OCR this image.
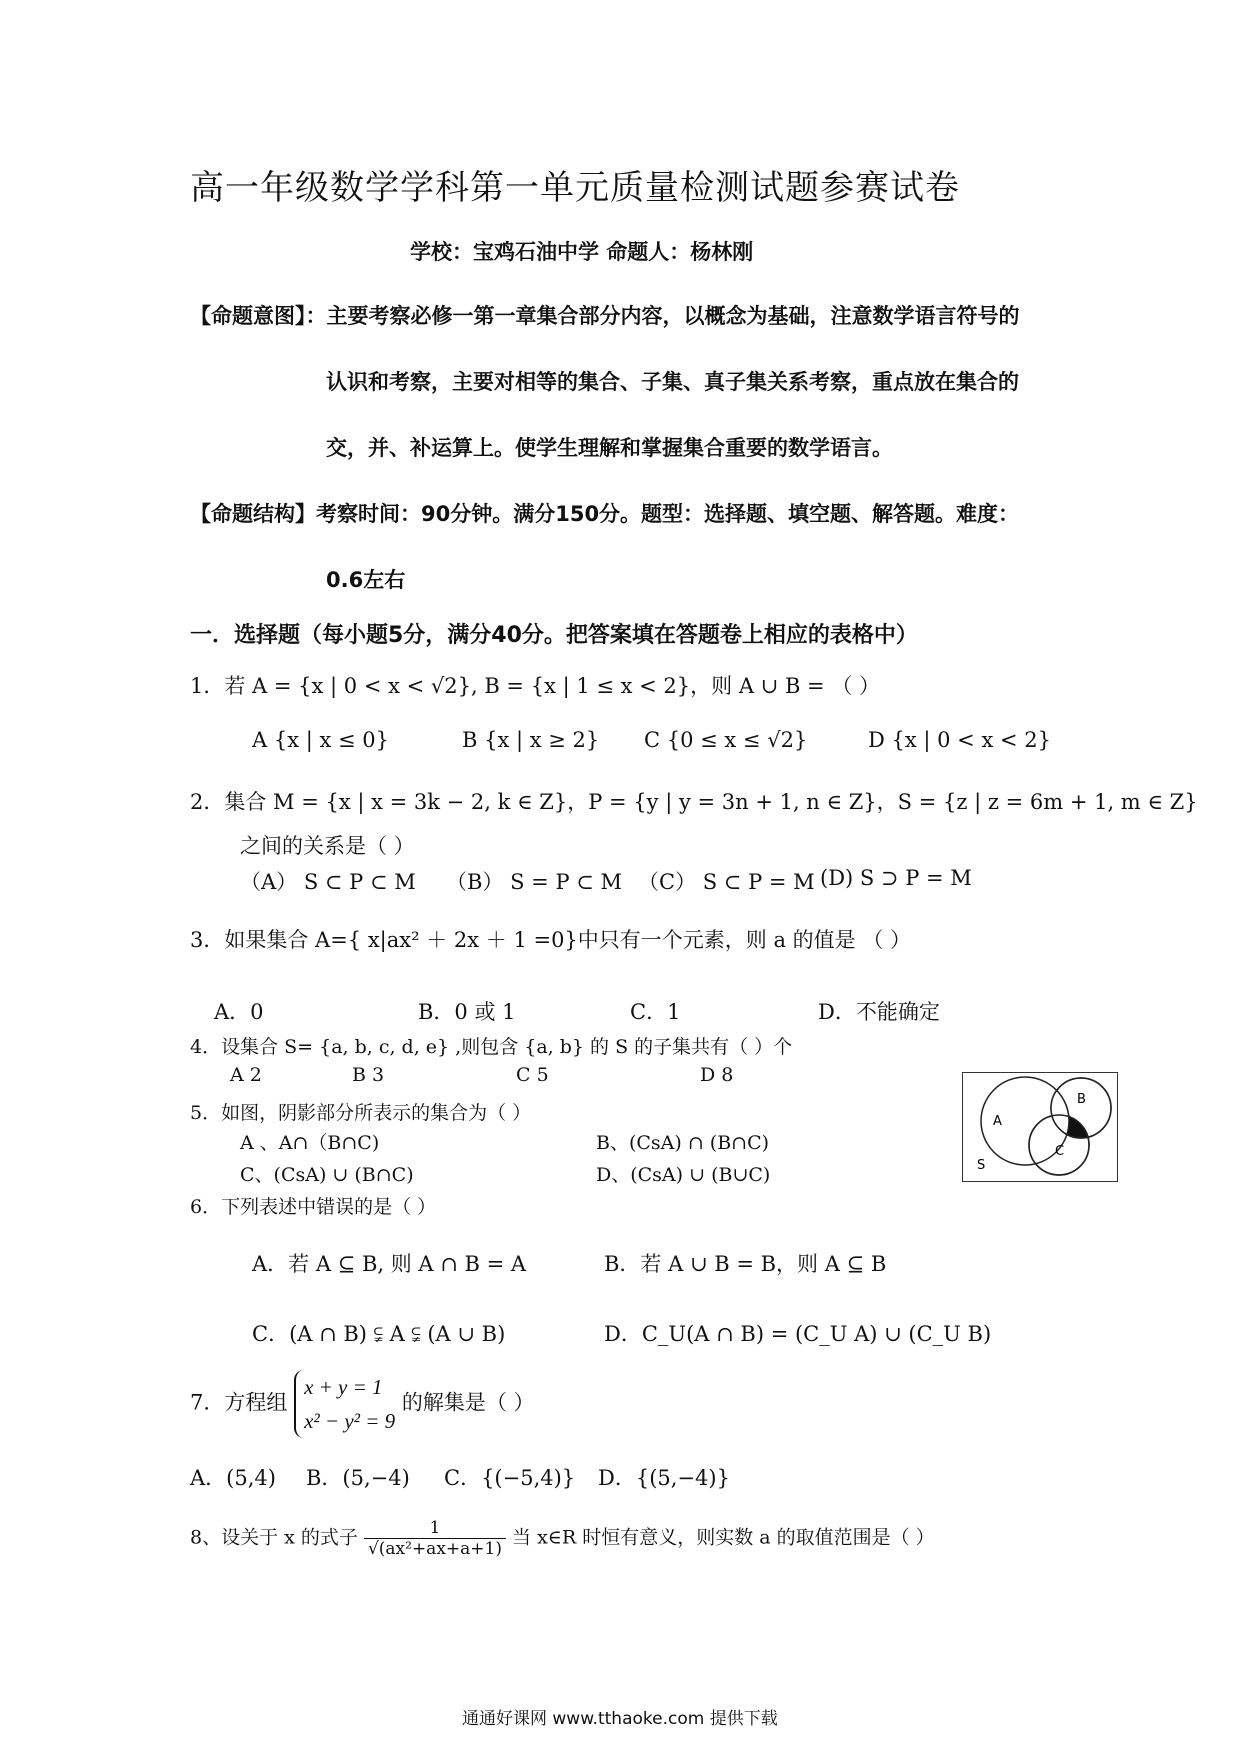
高一年级数学学科第一单元质量检测试题参赛试卷
学校：宝鸡石油中学 命题人：杨林刚
【命题意图】：主要考察必修一第一章集合部分内容，以概念为基础，注意数学语言符号的
认识和考察，主要对相等的集合、子集、真子集关系考察，重点放在集合的
交，并、补运算上。使学生理解和掌握集合重要的数学语言。
【命题结构】考察时间：90分钟。满分150分。题型：选择题、填空题、解答题。难度：
0.6左右
一．选择题（每小题5分，满分40分。把答案填在答题卷上相应的表格中）
1．若 A = {x | 0 < x < √2}, B = {x | 1 ≤ x < 2}，则 A ∪ B = （ ）
A {x | x ≤ 0}	B {x | x ≥ 2} C {0 ≤ x ≤ √2}	D {x | 0 < x < 2}
2．集合 M = {x | x = 3k − 2, k ∈ Z}，P = {y | y = 3n + 1, n ∈ Z}，S = {z | z = 6m + 1, m ∈ Z}
之间的关系是（ ）
（A） S ⊂ P ⊂ M （B） S = P ⊂ M （C） S ⊂ P = M (D) S ⊃ P = M
3．如果集合 A={ x|ax² ＋ 2x ＋ 1 =0}中只有一个元素，则 a 的值是 （ ）
A．0	B．0 或 1	C．1	D．不能确定
4．设集合 S= {a, b, c, d, e} ,则包含 {a, b} 的 S 的子集共有（ ）个
A 2	B 3	C 5	D 8
5．如图，阴影部分所表示的集合为（ ）
A 、A∩（B∩C)	B、(CsA) ∩ (B∩C)
C、(CsA) ∪ (B∩C)	D、(CsA) ∪ (B∪C)
A
B
C
S
6．下列表述中错误的是（ ）
A．若 A ⊆ B, 则 A ∩ B = A	B．若 A ∪ B = B，则 A ⊆ B
C．(A ∩ B) ⫋ A ⫋ (A ∪ B)	D．C_U(A ∩ B) = (C_U A) ∪ (C_U B)
7．方程组
x + y = 1
x² − y² = 9
的解集是（ ）
A．(5,4) B．(5,−4) C．{(−5,4)} D．{(5,−4)}
8、设关于 x 的式子 $\frac{1}{\text{√(ax²+ax+a+1)}}$ 当 x∈R 时恒有意义，则实数 a 的取值范围是（ ）
通通好课网 www.tthaoke.com 提供下载
